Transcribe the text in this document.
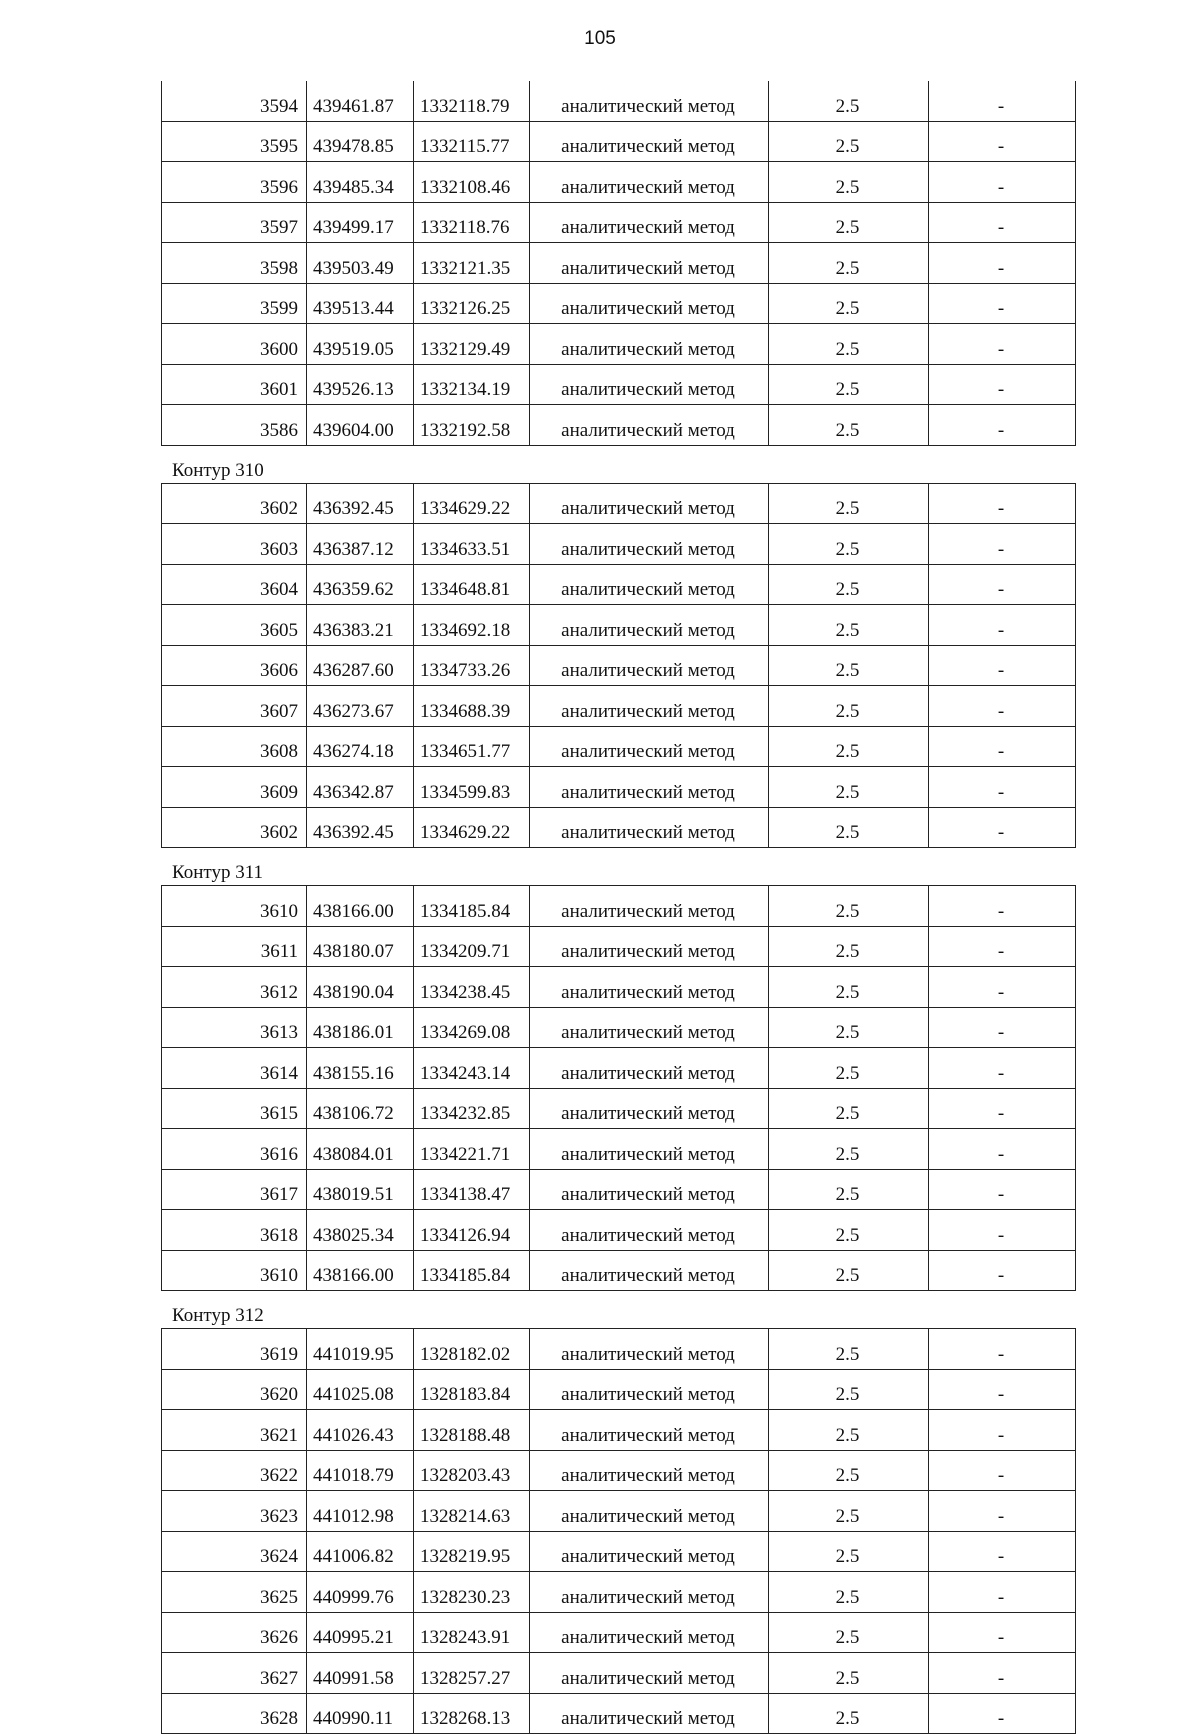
105
3594	439461.87	1332118.79	аналитический метод	2.5	-
3595	439478.85	1332115.77	аналитический метод	2.5	-
3596	439485.34	1332108.46	аналитический метод	2.5	-
3597	439499.17	1332118.76	аналитический метод	2.5	-
3598	439503.49	1332121.35	аналитический метод	2.5	-
3599	439513.44	1332126.25	аналитический метод	2.5	-
3600	439519.05	1332129.49	аналитический метод	2.5	-
3601	439526.13	1332134.19	аналитический метод	2.5	-
3586	439604.00	1332192.58	аналитический метод	2.5	-
Контур 310
3602	436392.45	1334629.22	аналитический метод	2.5	-
3603	436387.12	1334633.51	аналитический метод	2.5	-
3604	436359.62	1334648.81	аналитический метод	2.5	-
3605	436383.21	1334692.18	аналитический метод	2.5	-
3606	436287.60	1334733.26	аналитический метод	2.5	-
3607	436273.67	1334688.39	аналитический метод	2.5	-
3608	436274.18	1334651.77	аналитический метод	2.5	-
3609	436342.87	1334599.83	аналитический метод	2.5	-
3602	436392.45	1334629.22	аналитический метод	2.5	-
Контур 311
3610	438166.00	1334185.84	аналитический метод	2.5	-
3611	438180.07	1334209.71	аналитический метод	2.5	-
3612	438190.04	1334238.45	аналитический метод	2.5	-
3613	438186.01	1334269.08	аналитический метод	2.5	-
3614	438155.16	1334243.14	аналитический метод	2.5	-
3615	438106.72	1334232.85	аналитический метод	2.5	-
3616	438084.01	1334221.71	аналитический метод	2.5	-
3617	438019.51	1334138.47	аналитический метод	2.5	-
3618	438025.34	1334126.94	аналитический метод	2.5	-
3610	438166.00	1334185.84	аналитический метод	2.5	-
Контур 312
3619	441019.95	1328182.02	аналитический метод	2.5	-
3620	441025.08	1328183.84	аналитический метод	2.5	-
3621	441026.43	1328188.48	аналитический метод	2.5	-
3622	441018.79	1328203.43	аналитический метод	2.5	-
3623	441012.98	1328214.63	аналитический метод	2.5	-
3624	441006.82	1328219.95	аналитический метод	2.5	-
3625	440999.76	1328230.23	аналитический метод	2.5	-
3626	440995.21	1328243.91	аналитический метод	2.5	-
3627	440991.58	1328257.27	аналитический метод	2.5	-
3628	440990.11	1328268.13	аналитический метод	2.5	-
